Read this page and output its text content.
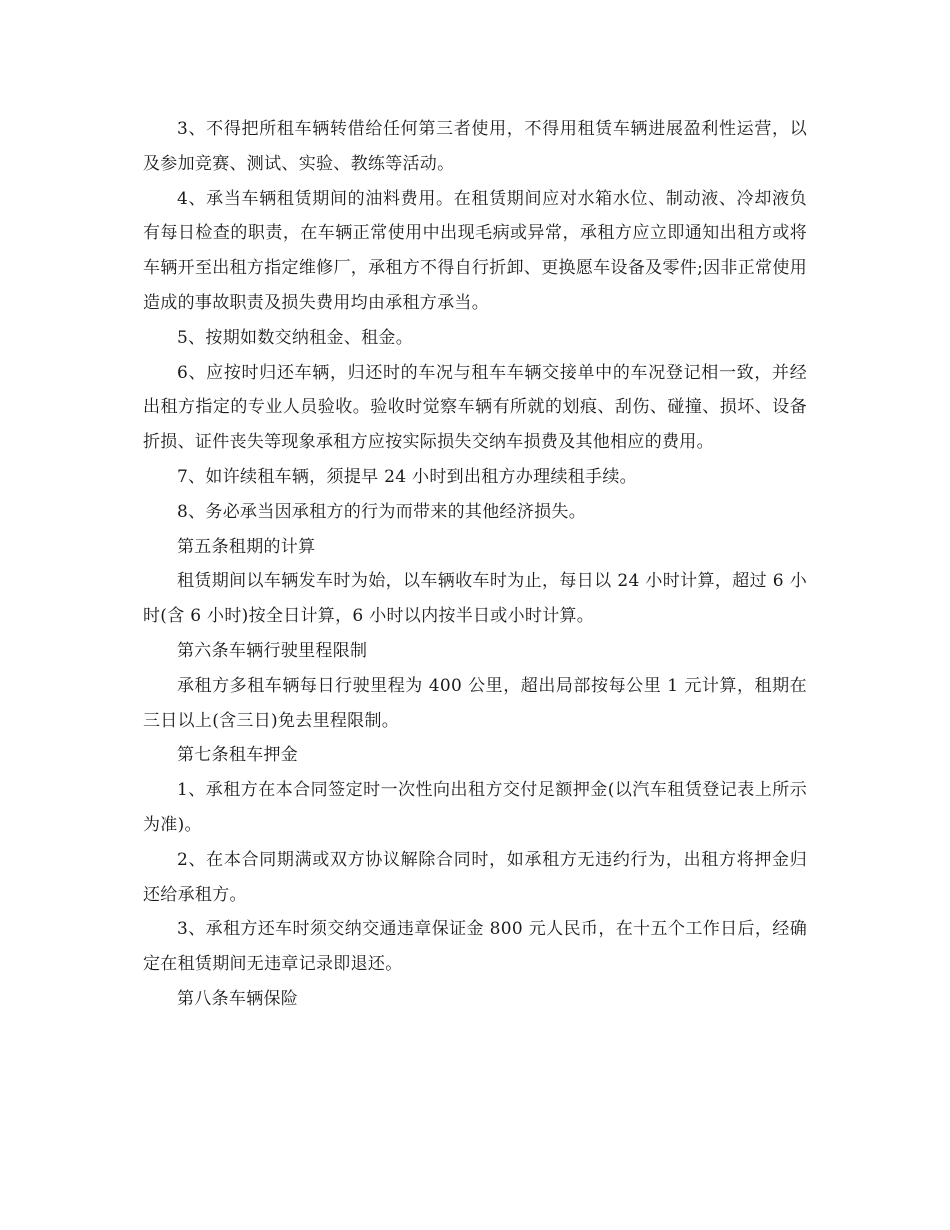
3、不得把所租车辆转借给任何第三者使用，不得用租赁车辆进展盈利性运营，以及参加竞赛、测试、实验、教练等活动。

4、承当车辆租赁期间的油料费用。在租赁期间应对水箱水位、制动液、冷却液负有每日检查的职责，在车辆正常使用中出现毛病或异常，承租方应立即通知出租方或将车辆开至出租方指定维修厂，承租方不得自行折卸、更换愿车设备及零件;因非正常使用造成的事故职责及损失费用均由承租方承当。

5、按期如数交纳租金、租金。

6、应按时归还车辆，归还时的车况与租车车辆交接单中的车况登记相一致，并经出租方指定的专业人员验收。验收时觉察车辆有所就的划痕、刮伤、碰撞、损坏、设备折损、证件丧失等现象承租方应按实际损失交纳车损费及其他相应的费用。

7、如许续租车辆，须提早 24 小时到出租方办理续租手续。

8、务必承当因承租方的行为而带来的其他经济损失。

第五条租期的计算

租赁期间以车辆发车时为始，以车辆收车时为止，每日以 24 小时计算，超过 6 小时(含 6 小时)按全日计算，6 小时以内按半日或小时计算。

第六条车辆行驶里程限制

承租方多租车辆每日行驶里程为 400 公里，超出局部按每公里 1 元计算，租期在三日以上(含三日)免去里程限制。

第七条租车押金

1、承租方在本合同签定时一次性向出租方交付足额押金(以汽车租赁登记表上所示为准)。

2、在本合同期满或双方协议解除合同时，如承租方无违约行为，出租方将押金归还给承租方。

3、承租方还车时须交纳交通违章保证金 800 元人民币，在十五个工作日后，经确定在租赁期间无违章记录即退还。

第八条车辆保险
